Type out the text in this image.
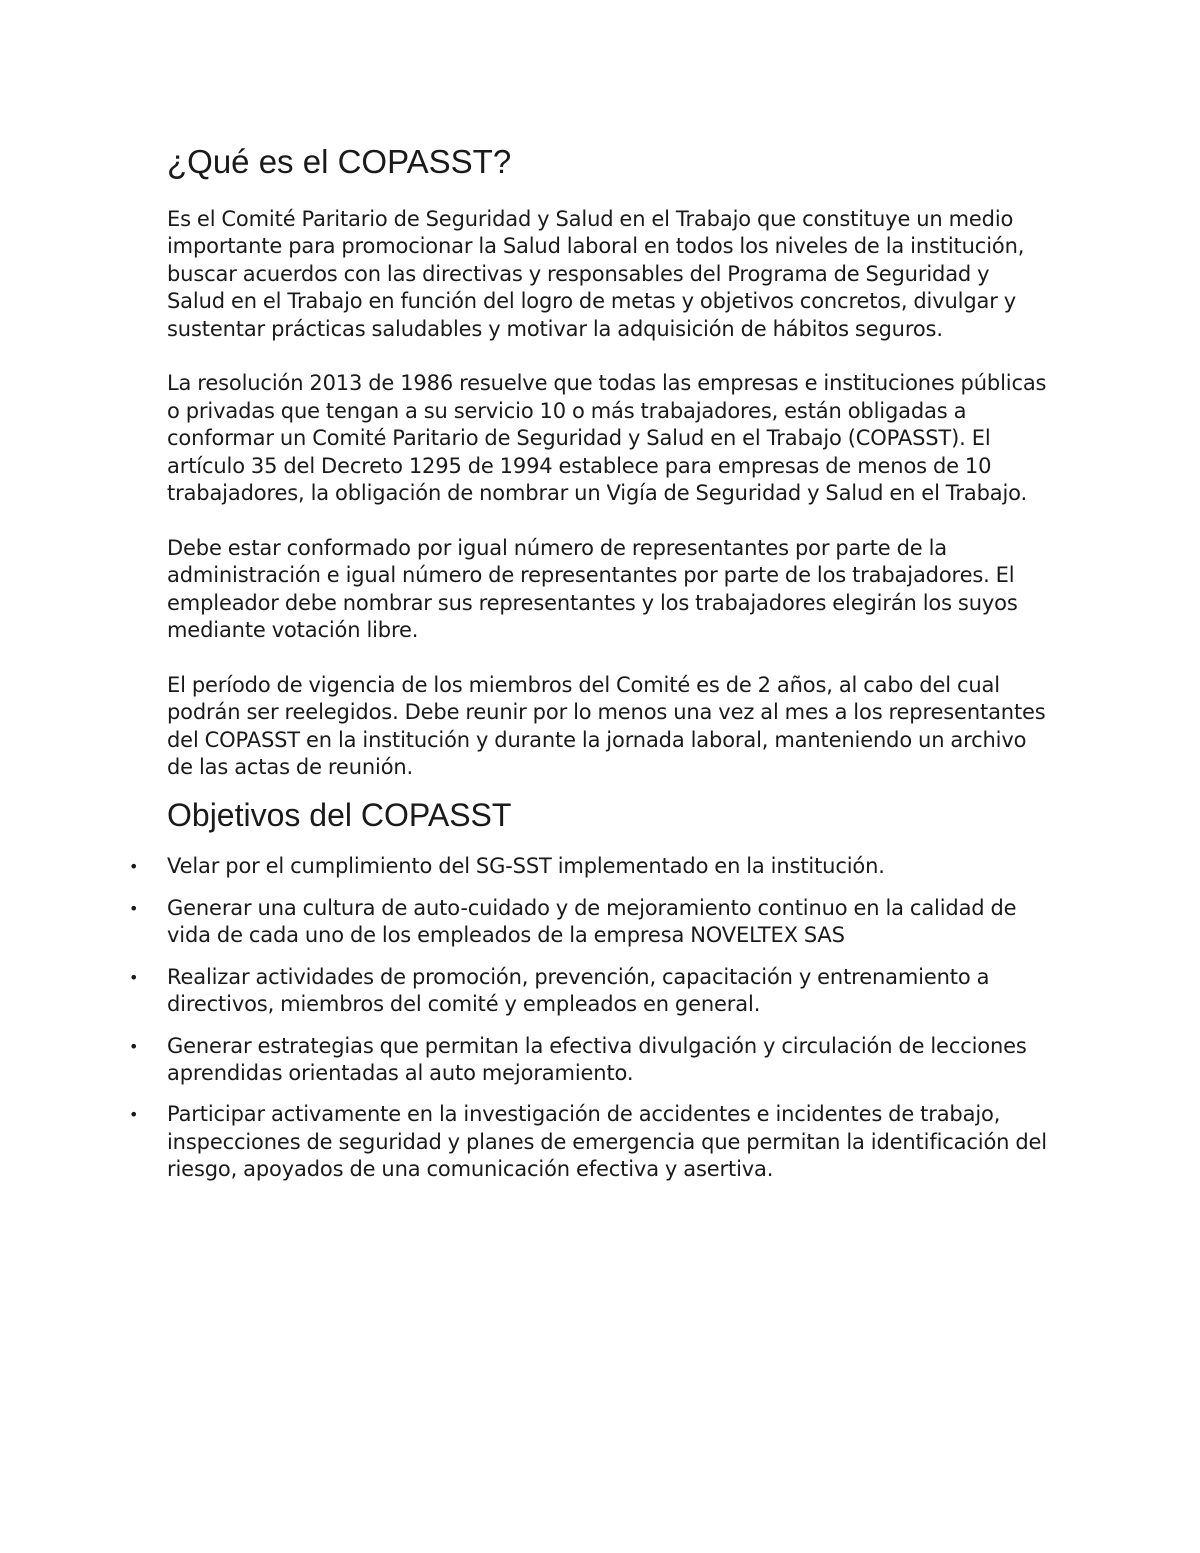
¿Qué es el COPASST?

Es el Comité Paritario de Seguridad y Salud en el Trabajo que constituye un medio importante para promocionar la Salud laboral en todos los niveles de la institución, buscar acuerdos con las directivas y responsables del Programa de Seguridad y Salud en el Trabajo en función del logro de metas y objetivos concretos, divulgar y sustentar prácticas saludables y motivar la adquisición de hábitos seguros.

La resolución 2013 de 1986 resuelve que todas las empresas e instituciones públicas o privadas que tengan a su servicio 10 o más trabajadores, están obligadas a conformar un Comité Paritario de Seguridad y Salud en el Trabajo (COPASST). El artículo 35 del Decreto 1295 de 1994 establece para empresas de menos de 10 trabajadores, la obligación de nombrar un Vigía de Seguridad y Salud en el Trabajo.

Debe estar conformado por igual número de representantes por parte de la administración e igual número de representantes por parte de los trabajadores. El empleador debe nombrar sus representantes y los trabajadores elegirán los suyos mediante votación libre.

El período de vigencia de los miembros del Comité es de 2 años, al cabo del cual podrán ser reelegidos. Debe reunir por lo menos una vez al mes a los representantes del COPASST en la institución y durante la jornada laboral, manteniendo un archivo de las actas de reunión.

Objetivos del COPASST
• Velar por el cumplimiento del SG-SST implementado en la institución.
• Generar una cultura de auto-cuidado y de mejoramiento continuo en la calidad de vida de cada uno de los empleados de la empresa NOVELTEX SAS
• Realizar actividades de promoción, prevención, capacitación y entrenamiento a directivos, miembros del comité y empleados en general.
• Generar estrategias que permitan la efectiva divulgación y circulación de lecciones aprendidas orientadas al auto mejoramiento.
• Participar activamente en la investigación de accidentes e incidentes de trabajo, inspecciones de seguridad y planes de emergencia que permitan la identificación del riesgo, apoyados de una comunicación efectiva y asertiva.
